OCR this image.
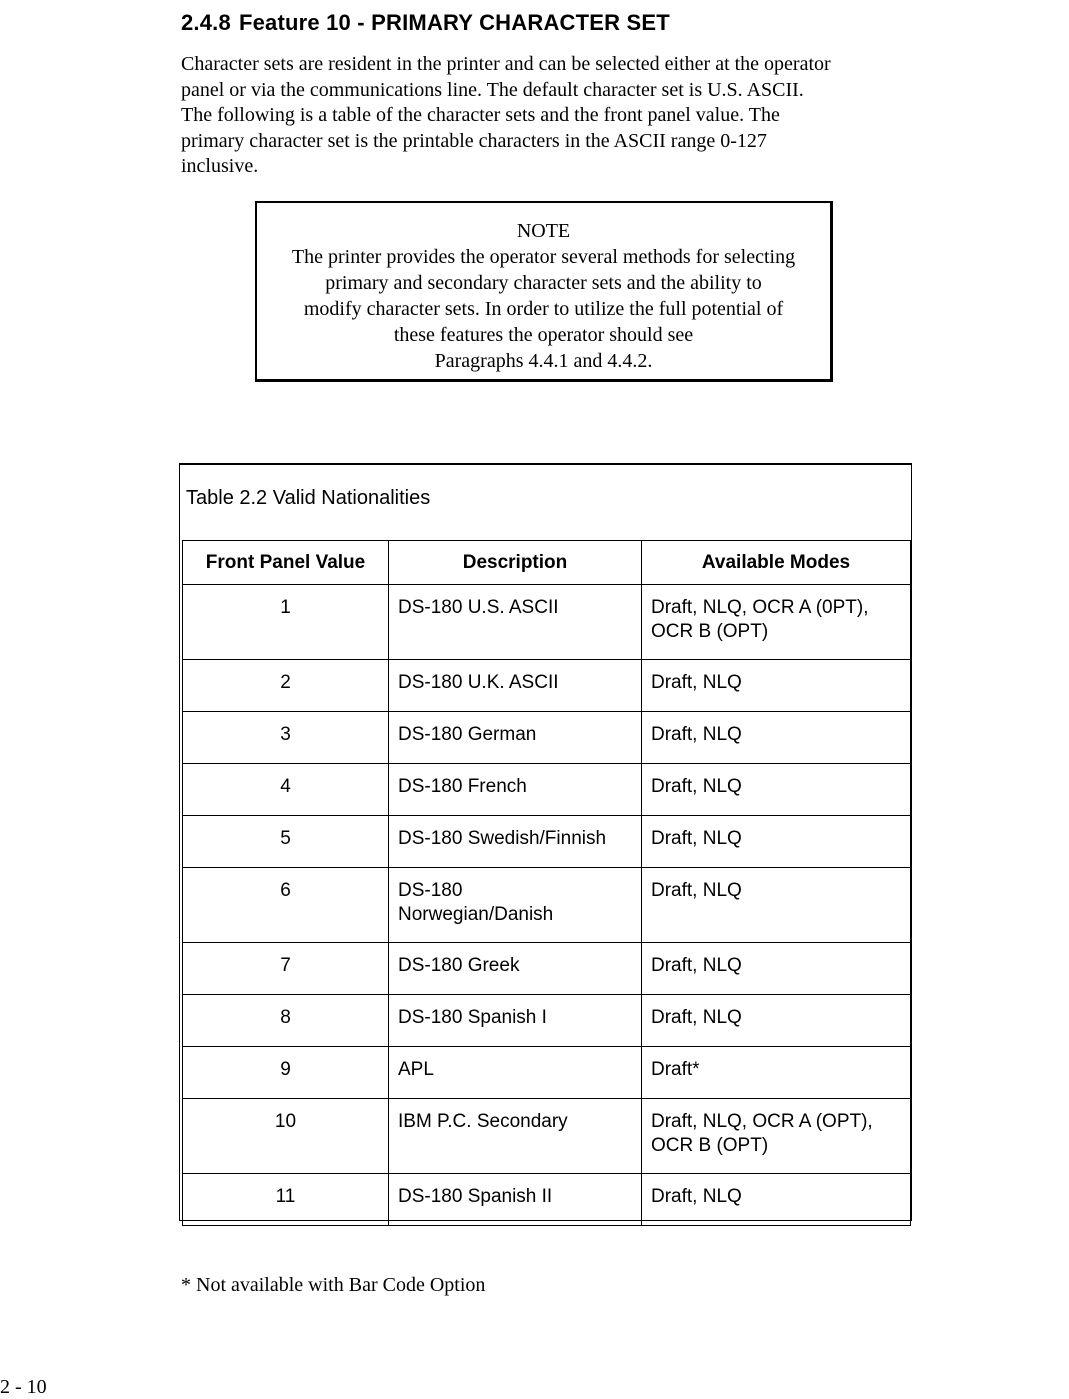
2.4.8 Feature 10 - PRIMARY CHARACTER SET
Character sets are resident in the printer and can be selected either at the operator
panel or via the communications line. The default character set is U.S. ASCII.
The following is a table of the character sets and the front panel value. The
primary character set is the printable characters in the ASCII range 0-127
inclusive.
NOTE
The printer provides the operator several methods for selecting
primary and secondary character sets and the ability to
modify character sets. In order to utilize the full potential of
these features the operator should see
Paragraphs 4.4.1 and 4.4.2.
Table 2.2 Valid Nationalities
Front Panel Value	Description	Available Modes
1	DS-180 U.S. ASCII	Draft, NLQ, OCR A (0PT), OCR B (OPT)
2	DS-180 U.K. ASCII	Draft, NLQ
3	DS-180 German	Draft, NLQ
4	DS-180 French	Draft, NLQ
5	DS-180 Swedish/Finnish	Draft, NLQ
6	DS-180 Norwegian/Danish	Draft, NLQ
7	DS-180 Greek	Draft, NLQ
8	DS-180 Spanish I	Draft, NLQ
9	APL	Draft*
10	IBM P.C. Secondary	Draft, NLQ, OCR A (OPT), OCR B (OPT)
11	DS-180 Spanish II	Draft, NLQ
* Not available with Bar Code Option
2 - 10
